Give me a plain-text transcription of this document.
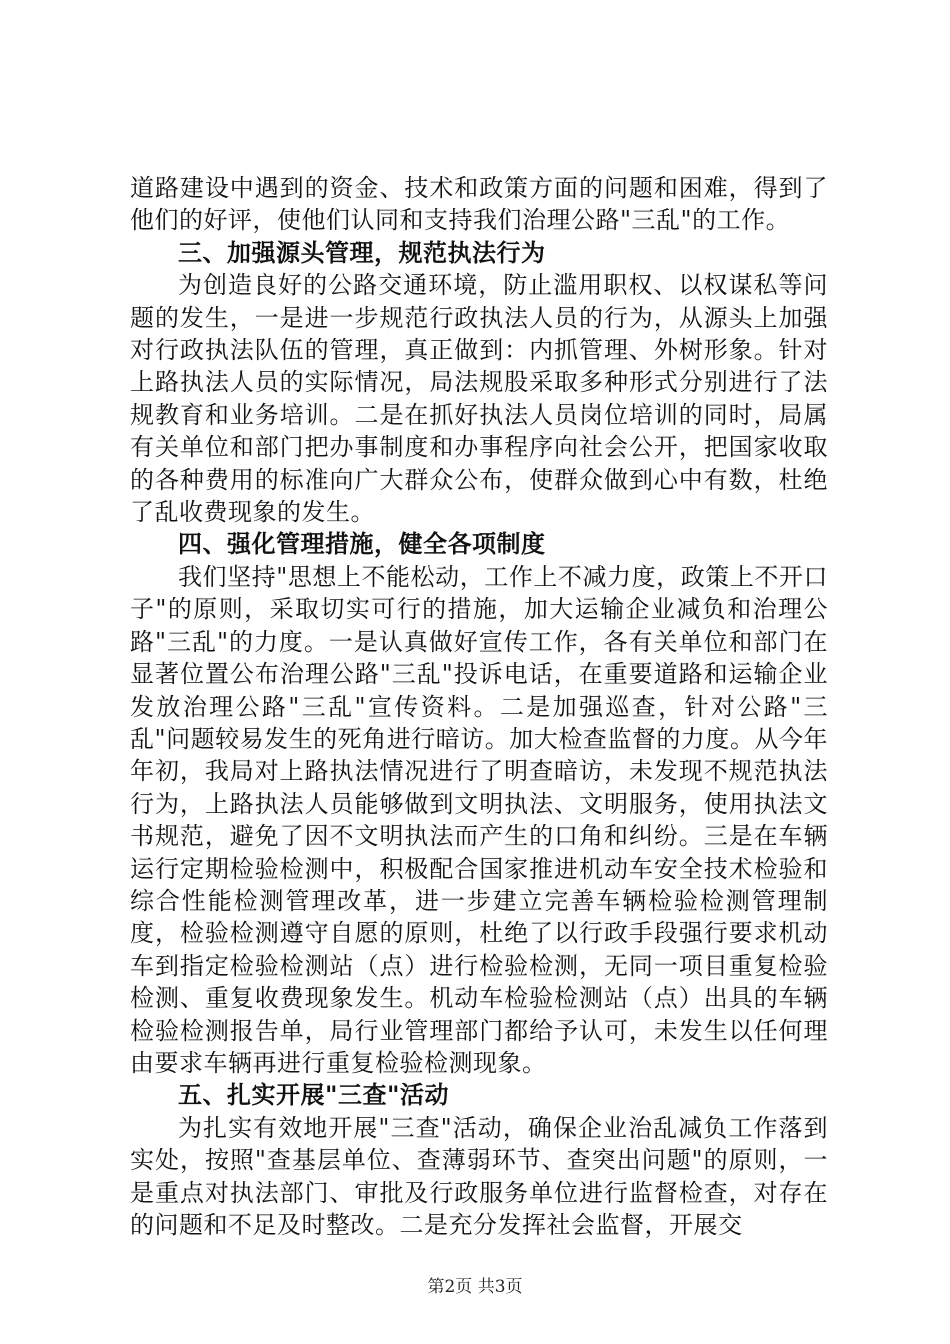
道路建设中遇到的资金、技术和政策方面的问题和困难，得到了他们的好评，使他们认同和支持我们治理公路"三乱"的工作。

三、加强源头管理，规范执法行为

为创造良好的公路交通环境，防止滥用职权、以权谋私等问题的发生，一是进一步规范行政执法人员的行为，从源头上加强对行政执法队伍的管理，真正做到：内抓管理、外树形象。针对上路执法人员的实际情况，局法规股采取多种形式分别进行了法规教育和业务培训。二是在抓好执法人员岗位培训的同时，局属有关单位和部门把办事制度和办事程序向社会公开，把国家收取的各种费用的标准向广大群众公布，使群众做到心中有数，杜绝了乱收费现象的发生。

四、强化管理措施，健全各项制度

我们坚持"思想上不能松动，工作上不减力度，政策上不开口子"的原则，采取切实可行的措施，加大运输企业减负和治理公路"三乱"的力度。一是认真做好宣传工作，各有关单位和部门在显著位置公布治理公路"三乱"投诉电话，在重要道路和运输企业发放治理公路"三乱"宣传资料。二是加强巡查，针对公路"三乱"问题较易发生的死角进行暗访。加大检查监督的力度。从今年年初，我局对上路执法情况进行了明查暗访，未发现不规范执法行为，上路执法人员能够做到文明执法、文明服务，使用执法文书规范，避免了因不文明执法而产生的口角和纠纷。三是在车辆运行定期检验检测中，积极配合国家推进机动车安全技术检验和综合性能检测管理改革，进一步建立完善车辆检验检测管理制度，检验检测遵守自愿的原则，杜绝了以行政手段强行要求机动车到指定检验检测站（点）进行检验检测，无同一项目重复检验检测、重复收费现象发生。机动车检验检测站（点）出具的车辆检验检测报告单，局行业管理部门都给予认可，未发生以任何理由要求车辆再进行重复检验检测现象。

五、扎实开展"三查"活动

为扎实有效地开展"三查"活动，确保企业治乱减负工作落到实处，按照"查基层单位、查薄弱环节、查突出问题"的原则，一是重点对执法部门、审批及行政服务单位进行监督检查，对存在的问题和不足及时整改。二是充分发挥社会监督，开展交

第2页 共3页
